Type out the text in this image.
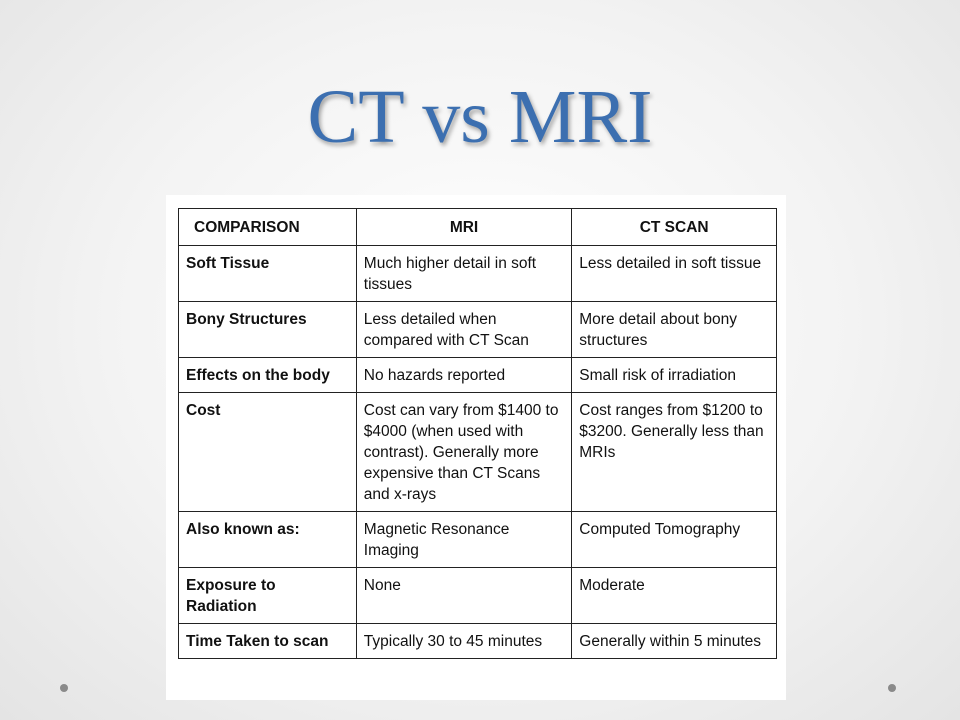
CT vs MRI
COMPARISON	MRI	CT SCAN
Soft Tissue	Much higher detail in soft tissues	Less detailed in soft tissue
Bony Structures	Less detailed when compared with CT Scan	More detail about bony structures
Effects on the body	No hazards reported	Small risk of irradiation
Cost	Cost can vary from $1400 to $4000 (when used with contrast). Generally more expensive than CT Scans and x-rays	Cost ranges from $1200 to $3200. Generally less than MRIs
Also known as:	Magnetic Resonance Imaging	Computed Tomography
Exposure to Radiation	None	Moderate
Time Taken to scan	Typically 30 to 45 minutes	Generally within 5 minutes
